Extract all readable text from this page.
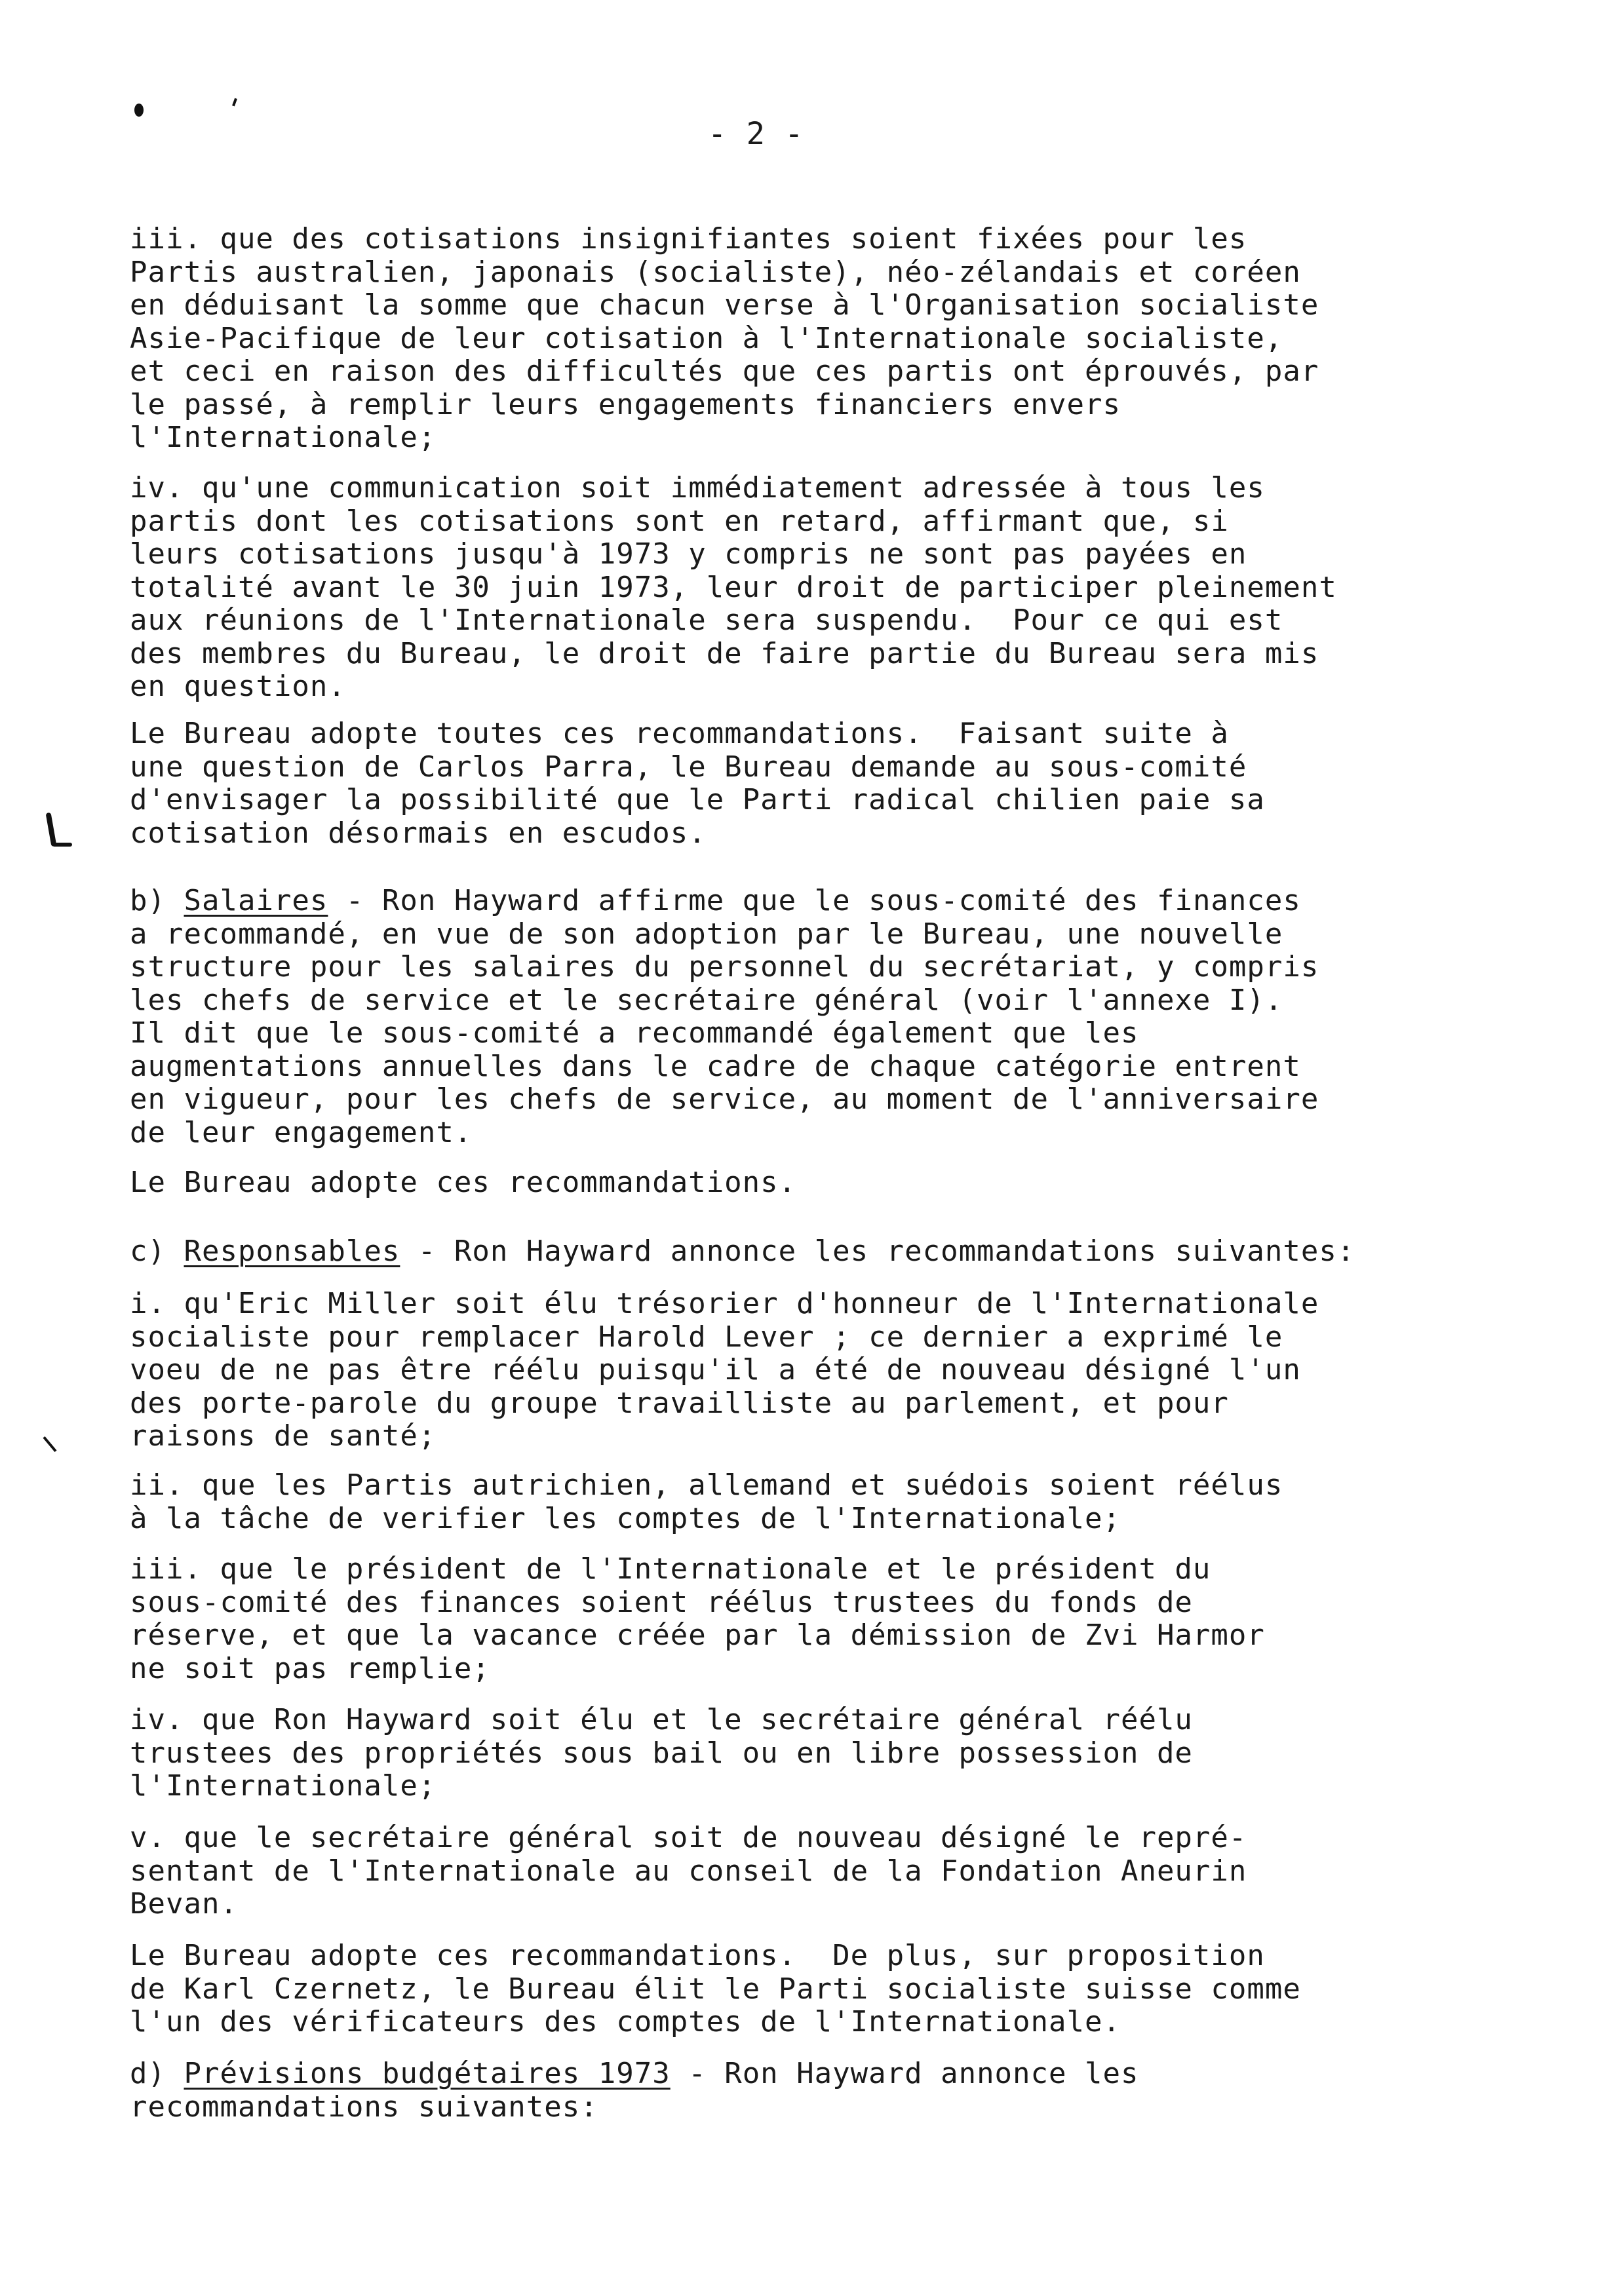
- 2 -

iii. que des cotisations insignifiantes soient fixées pour les
Partis australien, japonais (socialiste), néo-zélandais et coréen
en déduisant la somme que chacun verse à l'Organisation socialiste
Asie-Pacifique de leur cotisation à l'Internationale socialiste,
et ceci en raison des difficultés que ces partis ont éprouvés, par
le passé, à remplir leurs engagements financiers envers
l'Internationale;

iv. qu'une communication soit immédiatement adressée à tous les
partis dont les cotisations sont en retard, affirmant que, si
leurs cotisations jusqu'à 1973 y compris ne sont pas payées en
totalité avant le 30 juin 1973, leur droit de participer pleinement
aux réunions de l'Internationale sera suspendu.  Pour ce qui est
des membres du Bureau, le droit de faire partie du Bureau sera mis
en question.

Le Bureau adopte toutes ces recommandations.  Faisant suite à
une question de Carlos Parra, le Bureau demande au sous-comité
d'envisager la possibilité que le Parti radical chilien paie sa
cotisation désormais en escudos.

b) Salaires - Ron Hayward affirme que le sous-comité des finances
a recommandé, en vue de son adoption par le Bureau, une nouvelle
structure pour les salaires du personnel du secrétariat, y compris
les chefs de service et le secrétaire général (voir l'annexe I).
Il dit que le sous-comité a recommandé également que les
augmentations annuelles dans le cadre de chaque catégorie entrent
en vigueur, pour les chefs de service, au moment de l'anniversaire
de leur engagement.

Le Bureau adopte ces recommandations.

c) Responsables - Ron Hayward annonce les recommandations suivantes:

i. qu'Eric Miller soit élu trésorier d'honneur de l'Internationale
socialiste pour remplacer Harold Lever ; ce dernier a exprimé le
voeu de ne pas être réélu puisqu'il a été de nouveau désigné l'un
des porte-parole du groupe travailliste au parlement, et pour
raisons de santé;

ii. que les Partis autrichien, allemand et suédois soient réélus
à la tâche de verifier les comptes de l'Internationale;

iii. que le président de l'Internationale et le président du
sous-comité des finances soient réélus trustees du fonds de
réserve, et que la vacance créée par la démission de Zvi Harmor
ne soit pas remplie;

iv. que Ron Hayward soit élu et le secrétaire général réélu
trustees des propriétés sous bail ou en libre possession de
l'Internationale;

v. que le secrétaire général soit de nouveau désigné le repré-
sentant de l'Internationale au conseil de la Fondation Aneurin
Bevan.

Le Bureau adopte ces recommandations.  De plus, sur proposition
de Karl Czernetz, le Bureau élit le Parti socialiste suisse comme
l'un des vérificateurs des comptes de l'Internationale.

d) Prévisions budgétaires 1973 - Ron Hayward annonce les
recommandations suivantes:
